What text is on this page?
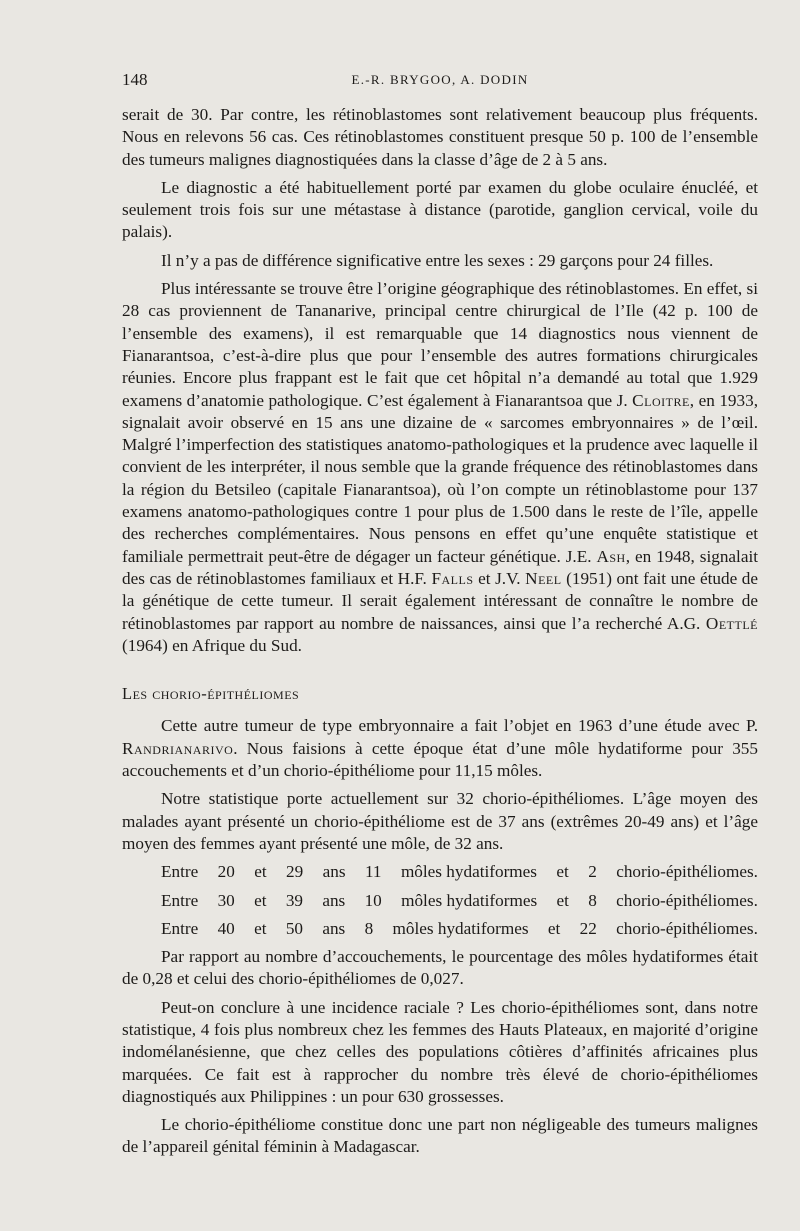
148	E.-R. BRYGOO, A. DODIN

serait de 30. Par contre, les rétinoblastomes sont relativement beaucoup plus fréquents. Nous en relevons 56 cas. Ces rétinoblastomes constituent presque 50 p. 100 de l’ensemble des tumeurs malignes diagnostiquées dans la classe d’âge de 2 à 5 ans.

Le diagnostic a été habituellement porté par examen du globe oculaire énucléé, et seulement trois fois sur une métastase à distance (parotide, ganglion cervical, voile du palais).

Il n’y a pas de différence significative entre les sexes : 29 garçons pour 24 filles.

Plus intéressante se trouve être l’origine géographique des rétinoblastomes. En effet, si 28 cas proviennent de Tananarive, principal centre chirurgical de l’Ile (42 p. 100 de l’ensemble des examens), il est remarquable que 14 diagnostics nous viennent de Fianarantsoa, c’est-à-dire plus que pour l’ensemble des autres formations chirurgicales réunies. Encore plus frappant est le fait que cet hôpital n’a demandé au total que 1.929 examens d’anatomie pathologique. C’est également à Fianarantsoa que J. Cloitre, en 1933, signalait avoir observé en 15 ans une dizaine de « sarcomes embryonnaires » de l’œil. Malgré l’imperfection des statistiques anatomo-pathologiques et la prudence avec laquelle il convient de les interpréter, il nous semble que la grande fréquence des rétinoblastomes dans la région du Betsileo (capitale Fianarantsoa), où l’on compte un rétinoblastome pour 137 examens anatomo-pathologiques contre 1 pour plus de 1.500 dans le reste de l’île, appelle des recherches complémentaires. Nous pensons en effet qu’une enquête statistique et familiale permettrait peut-être de dégager un facteur génétique. J.E. Ash, en 1948, signalait des cas de rétinoblastomes familiaux et H.F. Falls et J.V. Neel (1951) ont fait une étude de la génétique de cette tumeur. Il serait également intéressant de connaître le nombre de rétinoblastomes par rapport au nombre de naissances, ainsi que l’a recherché A.G. Oettlé (1964) en Afrique du Sud.

Les chorio-épithéliomes

Cette autre tumeur de type embryonnaire a fait l’objet en 1963 d’une étude avec P. Randrianarivo. Nous faisions à cette époque état d’une môle hydatiforme pour 355 accouchements et d’un chorio-épithéliome pour 11,15 môles.

Notre statistique porte actuellement sur 32 chorio-épithéliomes. L’âge moyen des malades ayant présenté un chorio-épithéliome est de 37 ans (extrêmes 20-49 ans) et l’âge moyen des femmes ayant présenté une môle, de 32 ans.

Entre 20 et 29 ans 11 môles hydatiformes et 2 chorio-épithéliomes.
Entre 30 et 39 ans 10 môles hydatiformes et 8 chorio-épithéliomes.
Entre 40 et 50 ans 8 môles hydatiformes et 22 chorio-épithéliomes.

Par rapport au nombre d’accouchements, le pourcentage des môles hydatiformes était de 0,28 et celui des chorio-épithéliomes de 0,027.

Peut-on conclure à une incidence raciale ? Les chorio-épithéliomes sont, dans notre statistique, 4 fois plus nombreux chez les femmes des Hauts Plateaux, en majorité d’origine indomélanésienne, que chez celles des populations côtières d’affinités africaines plus marquées. Ce fait est à rapprocher du nombre très élevé de chorio-épithéliomes diagnostiqués aux Philippines : un pour 630 grossesses.

Le chorio-épithéliome constitue donc une part non négligeable des tumeurs malignes de l’appareil génital féminin à Madagascar.
